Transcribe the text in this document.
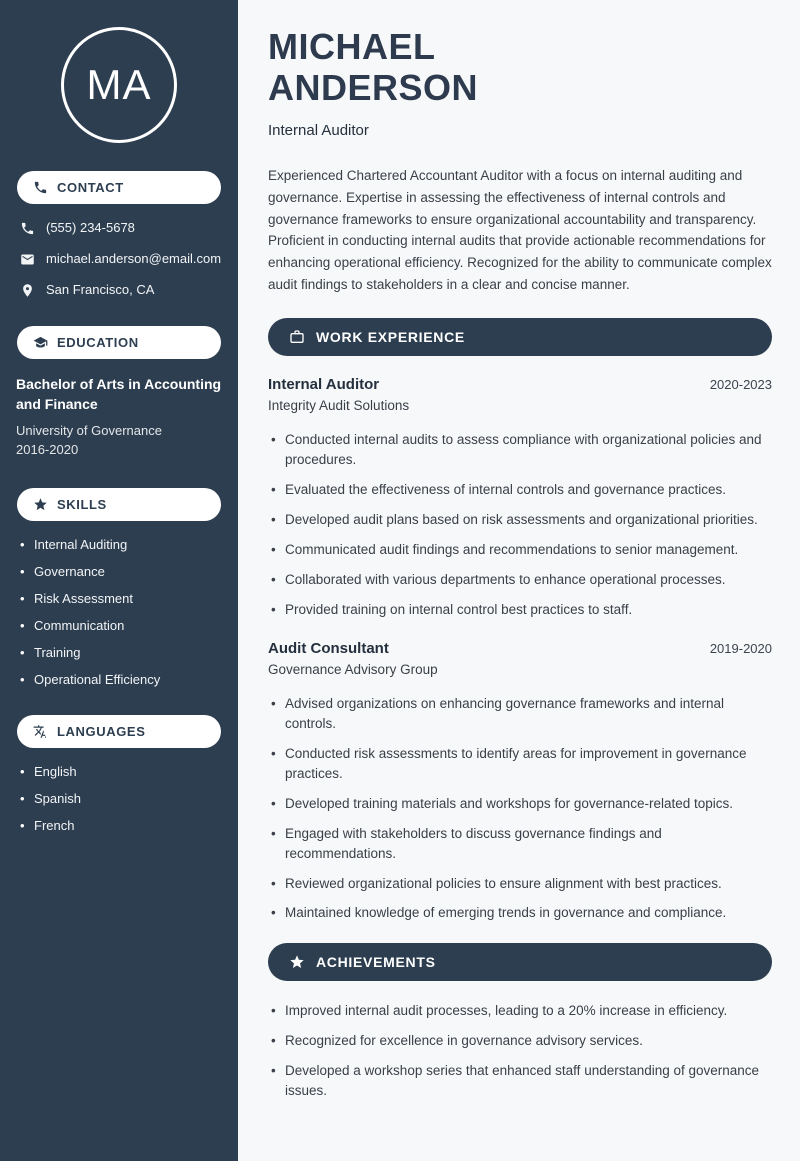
MA
CONTACT
(555) 234-5678
michael.anderson@email.com
San Francisco, CA
EDUCATION
Bachelor of Arts in Accounting and Finance
University of Governance
2016-2020
SKILLS
• Internal Auditing
• Governance
• Risk Assessment
• Communication
• Training
• Operational Efficiency
LANGUAGES
• English
• Spanish
• French
MICHAEL
ANDERSON
Internal Auditor

Experienced Chartered Accountant Auditor with a focus on internal auditing and governance. Expertise in assessing the effectiveness of internal controls and governance frameworks to ensure organizational accountability and transparency. Proficient in conducting internal audits that provide actionable recommendations for enhancing operational efficiency. Recognized for the ability to communicate complex audit findings to stakeholders in a clear and concise manner.

WORK EXPERIENCE
Internal Auditor	2020-2023
Integrity Audit Solutions
• Conducted internal audits to assess compliance with organizational policies and procedures.
• Evaluated the effectiveness of internal controls and governance practices.
• Developed audit plans based on risk assessments and organizational priorities.
• Communicated audit findings and recommendations to senior management.
• Collaborated with various departments to enhance operational processes.
• Provided training on internal control best practices to staff.
Audit Consultant	2019-2020
Governance Advisory Group
• Advised organizations on enhancing governance frameworks and internal controls.
• Conducted risk assessments to identify areas for improvement in governance practices.
• Developed training materials and workshops for governance-related topics.
• Engaged with stakeholders to discuss governance findings and recommendations.
• Reviewed organizational policies to ensure alignment with best practices.
• Maintained knowledge of emerging trends in governance and compliance.
ACHIEVEMENTS
• Improved internal audit processes, leading to a 20% increase in efficiency.
• Recognized for excellence in governance advisory services.
• Developed a workshop series that enhanced staff understanding of governance issues.
